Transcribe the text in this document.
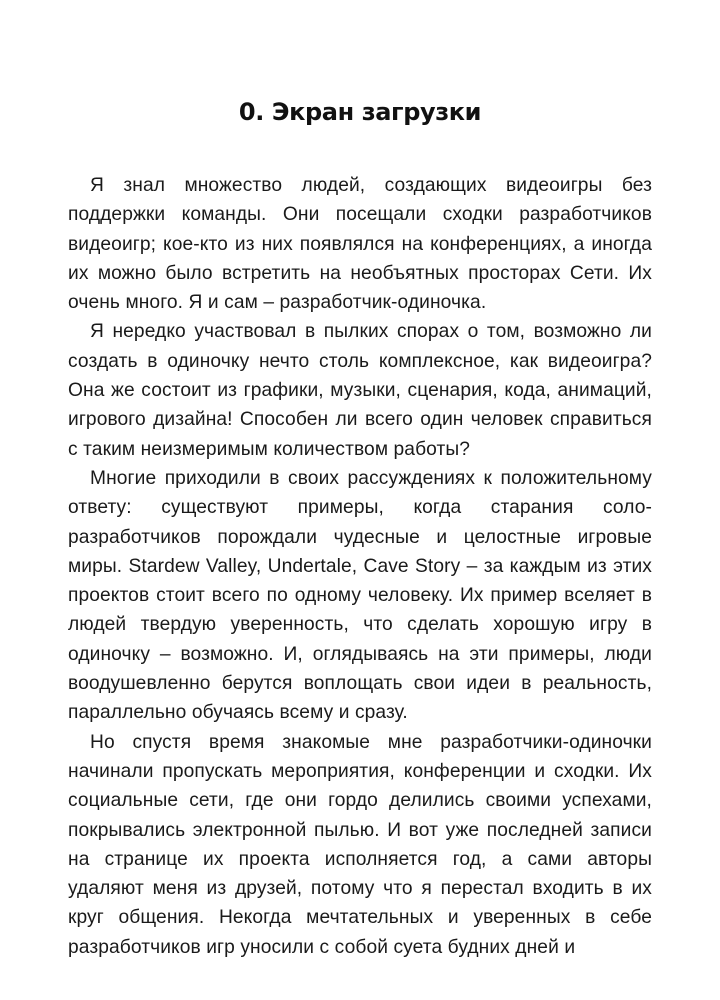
0. Экран загрузки

Я знал множество людей, создающих видеоигры без поддержки команды. Они посещали сходки разработчиков видеоигр; кое-кто из них появлялся на конференциях, а иногда их можно было встретить на необъятных просторах Сети. Их очень много. Я и сам – разработчик-одиночка.

Я нередко участвовал в пылких спорах о том, возможно ли создать в одиночку нечто столь комплексное, как видеоигра? Она же состоит из графики, музыки, сценария, кода, анимаций, игрового дизайна! Способен ли всего один человек справиться с таким неизмеримым количеством работы?

Многие приходили в своих рассуждениях к положительному ответу: существуют примеры, когда старания соло-разработчиков порождали чудесные и целостные игровые миры. Stardew Valley, Undertale, Cave Story – за каждым из этих проектов стоит всего по одному человеку. Их пример вселяет в людей твердую уверенность, что сделать хорошую игру в одиночку – возможно. И, оглядываясь на эти примеры, люди воодушевленно берутся воплощать свои идеи в реальность, параллельно обучаясь всему и сразу.

Но спустя время знакомые мне разработчики-одиночки начинали пропускать мероприятия, конференции и сходки. Их социальные сети, где они гордо делились своими успехами, покрывались электронной пылью. И вот уже последней записи на странице их проекта исполняется год, а сами авторы удаляют меня из друзей, потому что я перестал входить в их круг общения. Некогда мечтательных и уверенных в себе разработчиков игр уносили с собой суета будних дней и
